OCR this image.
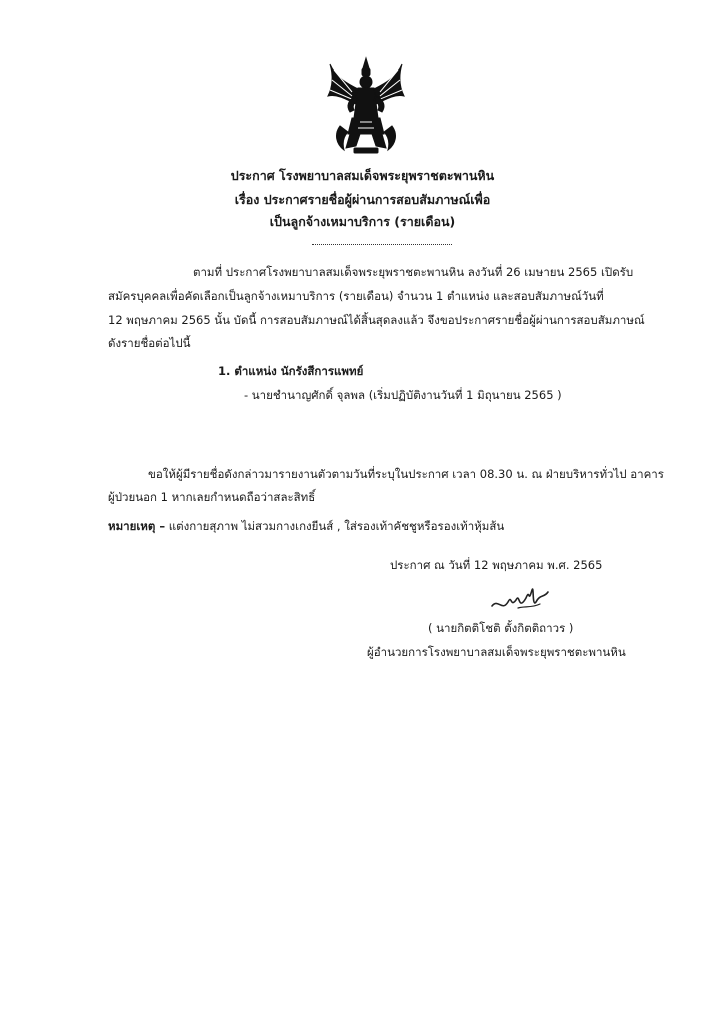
ประกาศ โรงพยาบาลสมเด็จพระยุพราชตะพานหิน
เรื่อง ประกาศรายชื่อผู้ผ่านการสอบสัมภาษณ์เพื่อ
เป็นลูกจ้างเหมาบริการ (รายเดือน)
ตามที่ ประกาศโรงพยาบาลสมเด็จพระยุพราชตะพานหิน ลงวันที่ 26 เมษายน 2565 เปิดรับ
สมัครบุคคลเพื่อคัดเลือกเป็นลูกจ้างเหมาบริการ (รายเดือน) จำนวน 1 ตำแหน่ง และสอบสัมภาษณ์วันที่
12 พฤษภาคม 2565 นั้น บัดนี้ การสอบสัมภาษณ์ได้สิ้นสุดลงแล้ว จึงขอประกาศรายชื่อผู้ผ่านการสอบสัมภาษณ์
ดังรายชื่อต่อไปนี้
1. ตำแหน่ง นักรังสีการแพทย์
- นายชำนาญศักดิ์ จุลพล (เริ่มปฏิบัติงานวันที่ 1 มิถุนายน 2565 )
ขอให้ผู้มีรายชื่อดังกล่าวมารายงานตัวตามวันที่ระบุในประกาศ เวลา 08.30 น. ณ ฝ่ายบริหารทั่วไป อาคาร
ผู้ป่วยนอก 1 หากเลยกำหนดถือว่าสละสิทธิ์
หมายเหตุ – แต่งกายสุภาพ ไม่สวมกางเกงยีนส์ , ใส่รองเท้าคัชชูหรือรองเท้าหุ้มส้น
ประกาศ ณ วันที่ 12 พฤษภาคม พ.ศ. 2565
( นายกิตติโชติ ตั้งกิตติถาวร )
ผู้อำนวยการโรงพยาบาลสมเด็จพระยุพราชตะพานหิน
